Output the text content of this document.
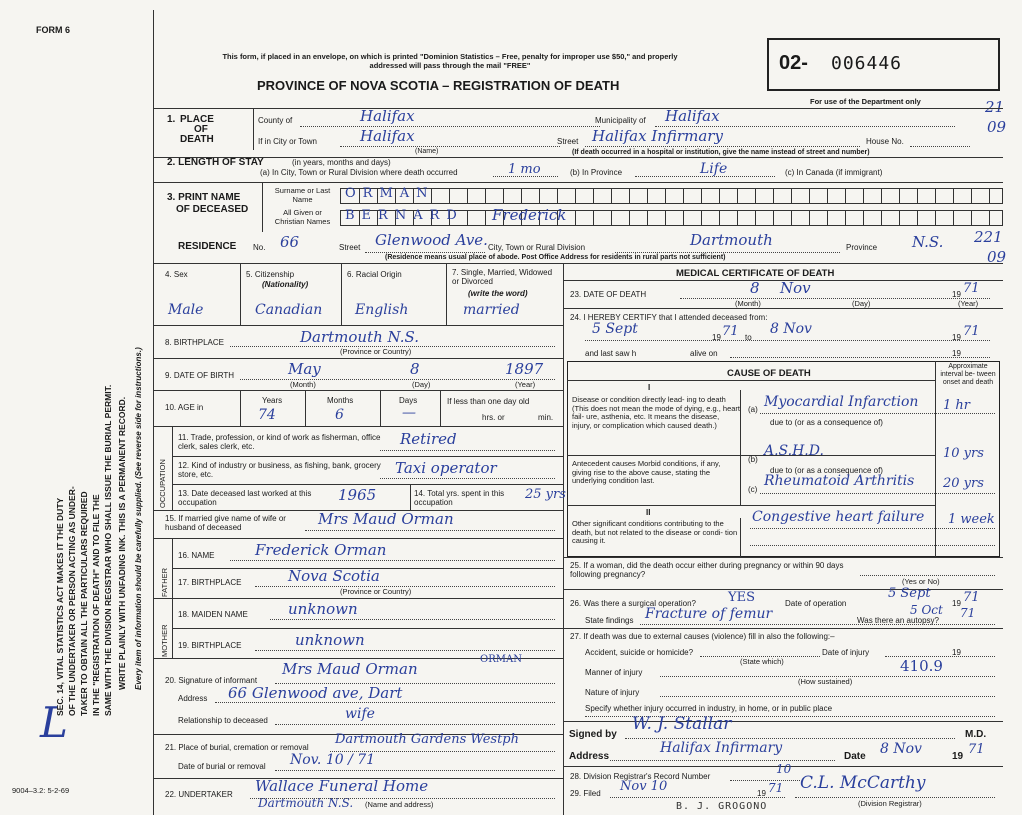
FORM 6
This form, if placed in an envelope, on which is printed "Dominion Statistics – Free, penalty for improper use $50," and properly addressed will pass through the mail "FREE"
PROVINCE OF NOVA SCOTIA – REGISTRATION OF DEATH
02- 006446
For use of the Department only	21
09
221
09
SEC. 14, VITAL STATISTICS ACT MAKES IT THE DUTY OF THE UNDERTAKER OR PERSON ACTING AS UNDER- TAKER TO OBTAIN ALL THE PARTICULARS REQUIRED IN THE "REGISTRATION OF DEATH" AND TO FILE THE SAME WITH THE DIVISION REGISTRAR WHO SHALL ISSUE THE BURIAL PERMIT. WRITE PLAINLY WITH UNFADING INK. THIS IS A PERMANENT RECORD. Every item of information should be carefully supplied. (See reverse side for instructions.)
L
9004–3.2: 5-2-69
1. PLACE
OF
DEATH
County of	Halifax	Municipality of Halifax
If in City or Town	Halifax
(Name)
Street Halifax Infirmary	House No.
(If death occurred in a hospital or institution, give the name instead of street and number)
2. LENGTH OF STAY	(in years, months and days)
(a) In City, Town or Rural Division where death occurred	1 mo	(b) In Province	Life	(c) In Canada (if immigrant)
3. PRINT NAME
OF DECEASED
Surname or Last Name
All Given or Christian Names
ORMAN
BERNARD Frederick
RESIDENCE No. 66	Street Glenwood Ave. City, Town or Rural Division	Dartmouth	Province N.S.
(Residence means usual place of abode. Post Office Address for residents in rural parts not sufficient)
4. Sex	5. Citizenship
(Nationality)
6. Racial Origin	7. Single, Married, Widowed or Divorced
(write the word)
Male	Canadian English	married
8. BIRTHPLACE	Dartmouth N.S.
(Province or Country)
9. DATE OF BIRTH	May	8	1897
(Month)	(Day)	(Year)
10. AGE in
Years	Months	Days
74	6	—
If less than one day old
hrs. or	min.
OCCUPATION
11. Trade, profession, or kind of work as fisherman, office clerk, sales clerk, etc.	Retired
12. Kind of industry or business, as fishing, bank, grocery store, etc.	Taxi operator
13. Date deceased last worked at this occupation	1965	14. Total yrs. spent in this occupation
25 yrs
15. If married give name of wife or husband of deceased	Mrs Maud Orman
FATHER
16. NAME	Frederick Orman
17. BIRTHPLACE	Nova Scotia
(Province or Country)
MOTHER
18. MAIDEN NAME	unknown
19. BIRTHPLACE	unknown
20. Signature of informant
Mrs Maud Orman
ORMAN
Address 66 Glenwood ave, Dart
Relationship to deceased	wife
21. Place of burial, cremation or removal
Dartmouth Gardens Westph
Date of burial or removal Nov. 10 / 71
22. UNDERTAKER Wallace Funeral Home
Dartmouth N.S. (Name and address)
MEDICAL CERTIFICATE OF DEATH
23. DATE OF DEATH	8 Nov	19 71
(Month)	(Day)	(Year)
24. I HEREBY CERTIFY that I attended deceased from:
5 Sept
19 71 to
8 Nov
19 71
and last saw h	alive on	19
CAUSE OF DEATH
Approximate interval be- tween onset and death
I
Disease or condition directly lead- ing to death (This does not mean the mode of dying, e.g., heart fail- ure, asthenia, etc. It means the disease, injury, or complication which caused death.)
(a) Myocardial Infarction 1 hr
due to (or as a consequence of)
Antecedent causes Morbid conditions, if any, giving rise to the above cause, stating the underlying condition last.
(b)
A.S.H.D.	10 yrs
due to (or as a consequence of)
(c)
Rheumatoid Arthritis 20 yrs
II
Other significant conditions contributing to the death, but not related to the disease or condi- tion causing it.
Congestive heart failure 1 week
25. If a woman, did the death occur either during pregnancy or within 90 days following pregnancy?
(Yes or No)
26. Was there a surgical operation? YES	Date of operation
5 Sept
19 71
State findings Fracture of femur	Was there an autopsy?
5 Oct 71
27. If death was due to external causes (violence) fill in also the following:–
Accident, suicide or homicide?	Date of injury	19
(State which)
Manner of injury	410.9
(How sustained)
Nature of injury
Specify whether injury occurred in industry, in home, or in public place
Signed by
W. J. Stallar
M.D.
Address
Halifax Infirmary
Date 8 Nov	19 71
28. Division Registrar's Record Number
10
29. Filed Nov 10	19 71 C.L. McCarthy
(Division Registrar)
B. J. GROGONO
